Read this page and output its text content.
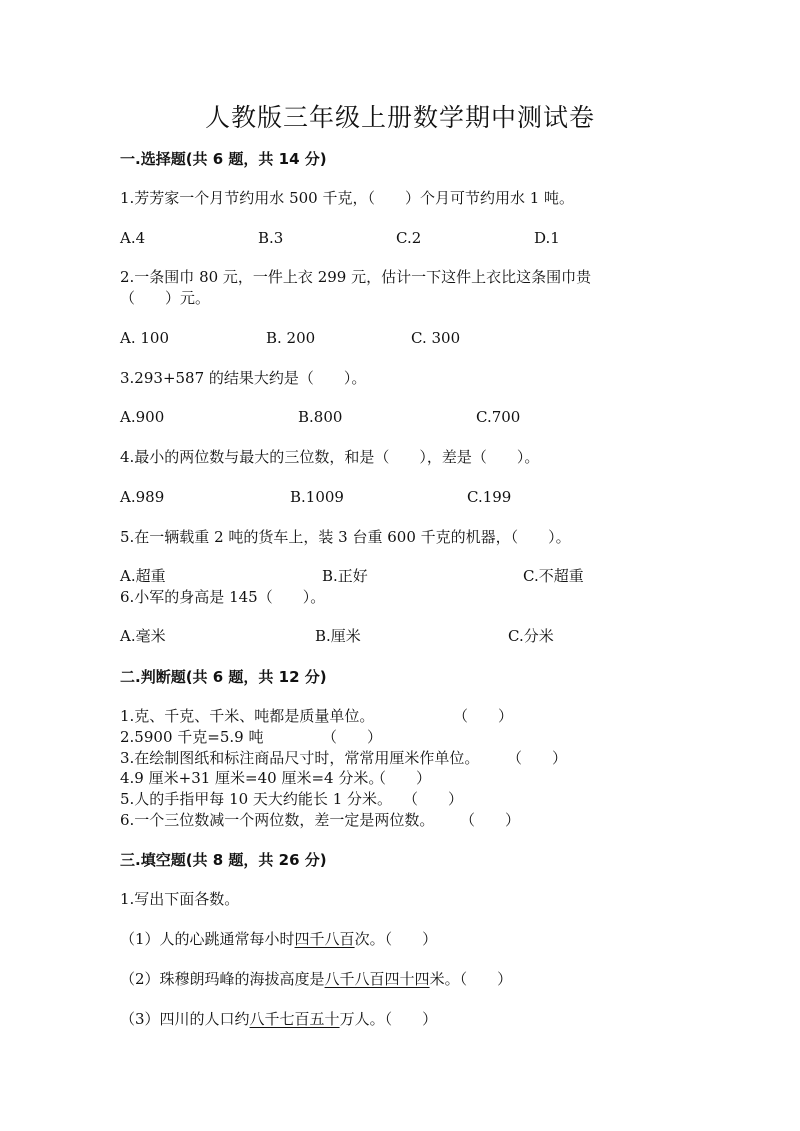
人教版三年级上册数学期中测试卷
一.选择题(共 6 题，共 14 分)
1.芳芳家一个月节约用水 500 千克，（　　）个月可节约用水 1 吨。
A.4	B.3	C.2	D.1
2.一条围巾 80 元，一件上衣 299 元，估计一下这件上衣比这条围巾贵
（　　）元。
A. 100	B. 200	C. 300
3.293+587 的结果大约是（　　）。
A.900	B.800	C.700
4.最小的两位数与最大的三位数，和是（　　），差是（　　）。
A.989	B.1009	C.199
5.在一辆载重 2 吨的货车上，装 3 台重 600 千克的机器，（　　）。
A.超重	B.正好	C.不超重
6.小军的身高是 145（　　）。
A.毫米	B.厘米	C.分米
二.判断题(共 6 题，共 12 分)
1.克、千克、千米、吨都是质量单位。	（　　）
2.5900 千克=5.9 吨	（　　）
3.在绘制图纸和标注商品尺寸时，常常用厘米作单位。 （　　）
4.9 厘米+31 厘米=40 厘米=4 分米。
（　　）
5.人的手指甲每 10 天大约能长 1 分米。 （　　）
6.一个三位数减一个两位数，差一定是两位数。 （　　）
三.填空题(共 8 题，共 26 分)
1.写出下面各数。
（1）人的心跳通常每小时四千八百次。（　　）
（2）珠穆朗玛峰的海拔高度是八千八百四十四米。（　　）
（3）四川的人口约八千七百五十万人。（　　）
